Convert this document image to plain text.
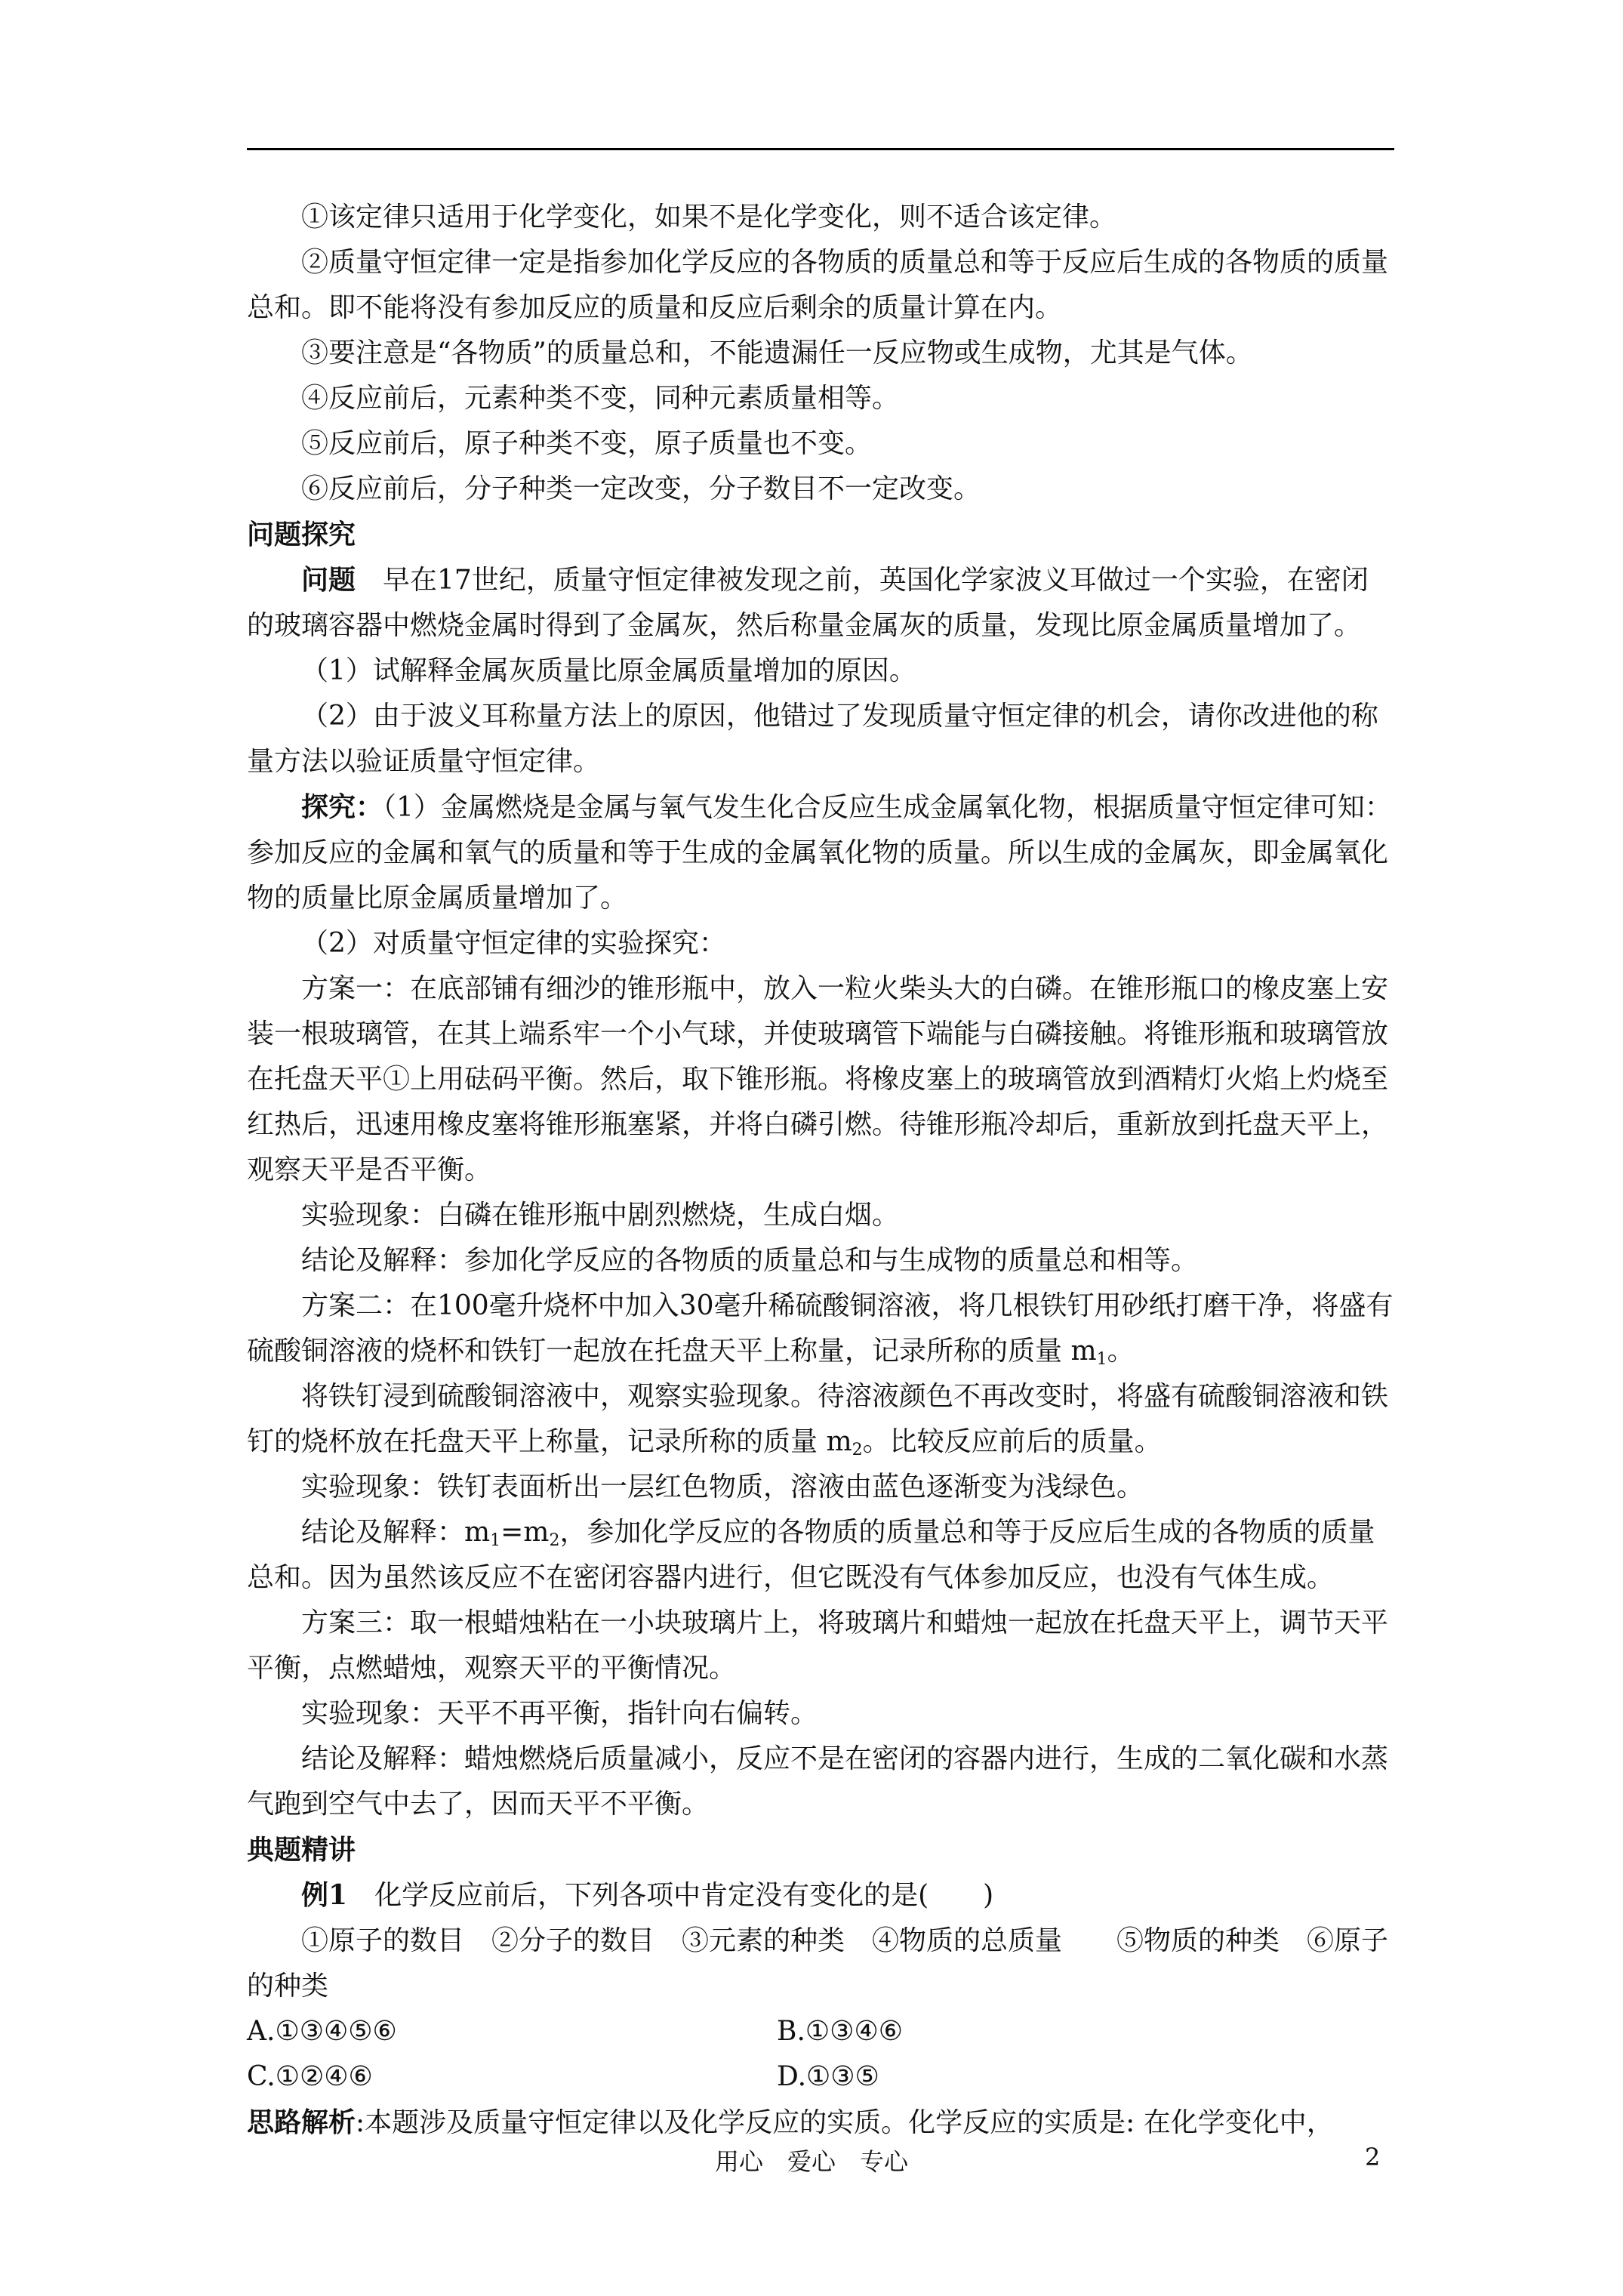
①该定律只适用于化学变化，如果不是化学变化，则不适合该定律。

②质量守恒定律一定是指参加化学反应的各物质的质量总和等于反应后生成的各物质的质量总和。即不能将没有参加反应的质量和反应后剩余的质量计算在内。

③要注意是“各物质”的质量总和，不能遗漏任一反应物或生成物，尤其是气体。

④反应前后，元素种类不变，同种元素质量相等。

⑤反应前后，原子种类不变，原子质量也不变。

⑥反应前后，分子种类一定改变，分子数目不一定改变。

问题探究

问题　 早在17世纪，质量守恒定律被发现之前，英国化学家波义耳做过一个实验，在密闭的玻璃容器中燃烧金属时得到了金属灰，然后称量金属灰的质量，发现比原金属质量增加了。

（1）试解释金属灰质量比原金属质量增加的原因。

（2）由于波义耳称量方法上的原因，他错过了发现质量守恒定律的机会，请你改进他的称量方法以验证质量守恒定律。

探究：（1）金属燃烧是金属与氧气发生化合反应生成金属氧化物，根据质量守恒定律可知：参加反应的金属和氧气的质量和等于生成的金属氧化物的质量。所以生成的金属灰，即金属氧化物的质量比原金属质量增加了。

（2）对质量守恒定律的实验探究：

方案一：在底部铺有细沙的锥形瓶中，放入一粒火柴头大的白磷。在锥形瓶口的橡皮塞上安装一根玻璃管，在其上端系牢一个小气球，并使玻璃管下端能与白磷接触。将锥形瓶和玻璃管放在托盘天平①上用砝码平衡。然后，取下锥形瓶。将橡皮塞上的玻璃管放到酒精灯火焰上灼烧至红热后，迅速用橡皮塞将锥形瓶塞紧，并将白磷引燃。待锥形瓶冷却后，重新放到托盘天平上，观察天平是否平衡。

实验现象：白磷在锥形瓶中剧烈燃烧，生成白烟。

结论及解释：参加化学反应的各物质的质量总和与生成物的质量总和相等。

方案二：在100毫升烧杯中加入30毫升稀硫酸铜溶液，将几根铁钉用砂纸打磨干净，将盛有硫酸铜溶液的烧杯和铁钉一起放在托盘天平上称量，记录所称的质量 $m_1$。

将铁钉浸到硫酸铜溶液中，观察实验现象。待溶液颜色不再改变时，将盛有硫酸铜溶液和铁钉的烧杯放在托盘天平上称量，记录所称的质量 $m_2$。比较反应前后的质量。

实验现象：铁钉表面析出一层红色物质，溶液由蓝色逐渐变为浅绿色。

结论及解释：$m_1=m_2$，参加化学反应的各物质的质量总和等于反应后生成的各物质的质量总和。因为虽然该反应不在密闭容器内进行，但它既没有气体参加反应，也没有气体生成。

方案三：取一根蜡烛粘在一小块玻璃片上，将玻璃片和蜡烛一起放在托盘天平上，调节天平平衡，点燃蜡烛，观察天平的平衡情况。

实验现象：天平不再平衡，指针向右偏转。

结论及解释：蜡烛燃烧后质量减小，反应不是在密闭的容器内进行，生成的二氧化碳和水蒸气跑到空气中去了，因而天平不平衡。

典题精讲

例1　 化学反应前后，下列各项中肯定没有变化的是(　　)

①原子的数目　②分子的数目　③元素的种类　④物质的总质量　　⑤物质的种类　⑥原子的种类

A.①③④⑤⑥	B.①③④⑥
C.①②④⑥	D.①③⑤

思路解析:本题涉及质量守恒定律以及化学反应的实质。化学反应的实质是: 在化学变化中，

用心　爱心　专心	2
